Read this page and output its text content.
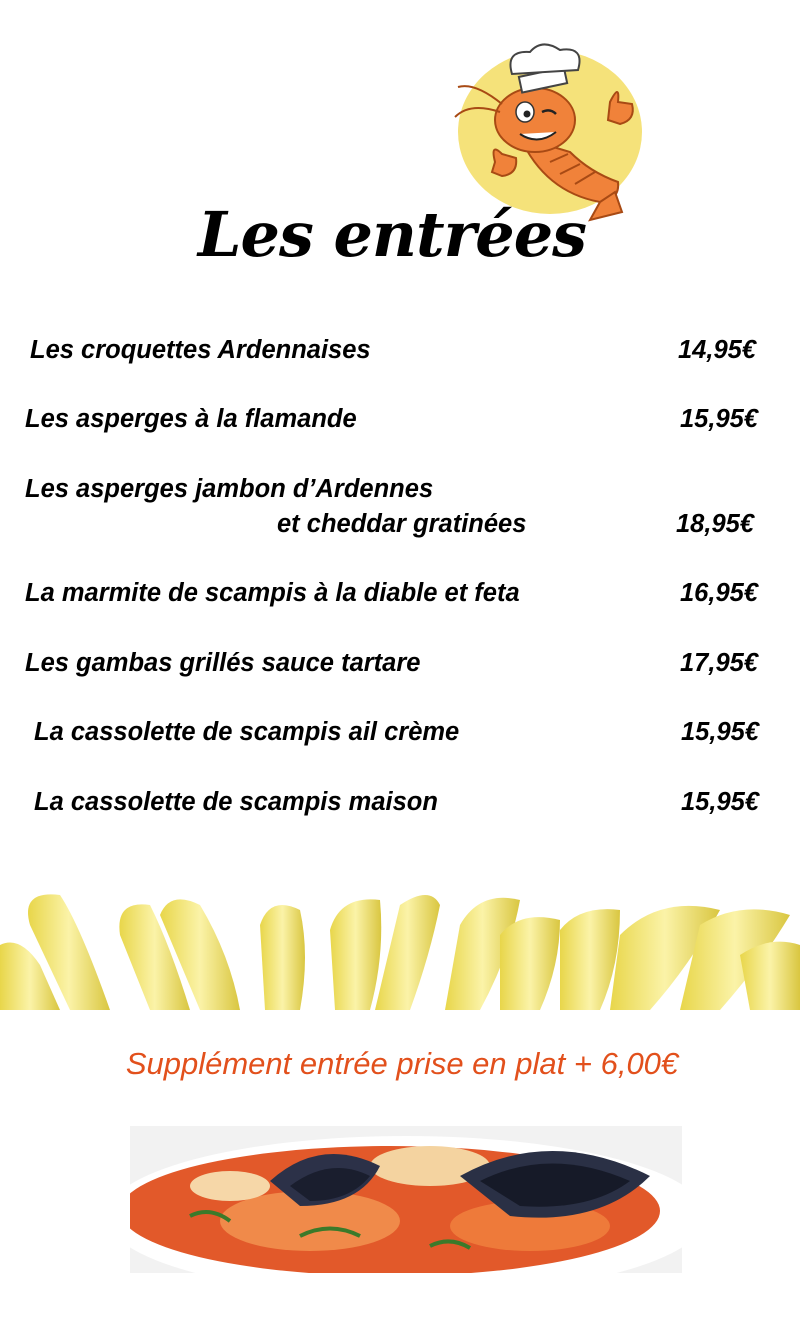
Les entrées
Les croquettes Ardennaises	14,95€
Les asperges à la flamande	15,95€
Les asperges jambon d’Ardennes
et cheddar gratinées	18,95€
La marmite de scampis à la diable et feta	16,95€
Les gambas grillés sauce tartare	17,95€
La cassolette de scampis ail crème	15,95€
La cassolette de scampis maison	15,95€
Supplément entrée prise en plat + 6,00€
